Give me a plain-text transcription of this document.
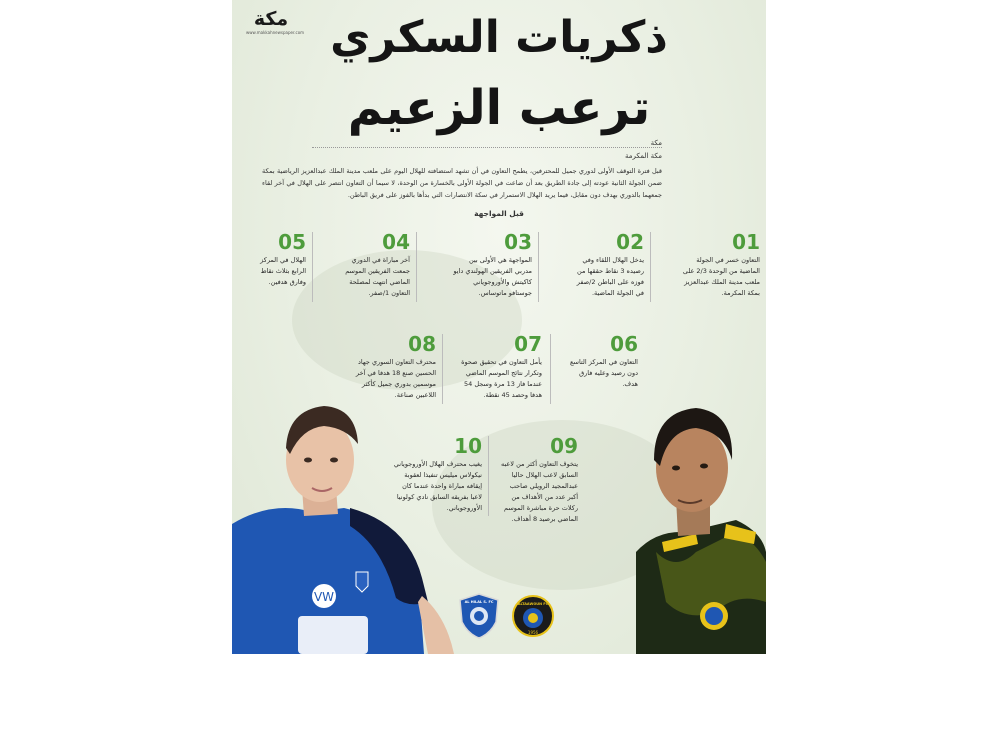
مكة
www.makkahnewspaper.com ذكريات السكري
ترعب الزعيم
مكة
مكة المكرمة
قبل فترة التوقف الأولى لدوري جميل للمحترفين، يطمح التعاون في أن تشهد استضافته للهلال اليوم على ملعب مدينة الملك عبدالعزيز الرياضية بمكة ضمن الجولة الثانية عودته إلى جادة الطريق بعد أن ضاعت في الجولة الأولى بالخسارة من الوحدة، لا سيما أن التعاون انتصر على الهلال في آخر لقاء جمعهما بالدوري بهدف دون مقابل، فيما يريد الهلال الاستمرار في سكة الانتصارات التي بدأها بالفوز على فريق الباطن.
قبل المواجهة
01
التعاون خسر في الجولة الماضية من الوحدة 2/3 على ملعب مدينة الملك عبدالعزيز بمكة المكرمة.
02
يدخل الهلال اللقاء وفي رصيده 3 نقاط حققها من فوزه على الباطن 2/صفر في الجولة الماضية.
03
المواجهة هي الأولى بين مدربي الفريقين الهولندي دايو كاكيتش والأوروجوياني جوستافو ماتوساس.
04
آخر مباراة في الدوري جمعت الفريقين الموسم الماضي انتهت لمصلحة التعاون 1/صفر.
05
الهلال في المركز الرابع بثلاث نقاط وفارق هدفين.
06
التعاون في المركز التاسع دون رصيد وعليه فارق هدف.
07
يأمل التعاون في تحقيق صحوة وتكرار نتائج الموسم الماضي عندما فاز 13 مرة وسجل 54 هدفا وحصد 45 نقطة.
08
محترف التعاون السوري جهاد الحسين صنع 18 هدفا في آخر موسمين بدوري جميل كأكثر اللاعبين صناعة.
09
يتخوف التعاون أكثر من لاعبه السابق لاعب الهلال حاليا عبدالمجيد الرويلي صاحب أكبر عدد من الأهداف من ركلات حرة مباشرة الموسم الماضي برصيد 8 أهداف.
10
يغيب محترف الهلال الأوروجوياني نيكولاس ميليس تنفيذا لعقوبة إيقافه مباراة واحدة عندما كان لاعبا بفريقه السابق نادي كولونيا الأوروجوياني.
VW	AL HILAL S. FC	ALTAAWOUN FC
1956
